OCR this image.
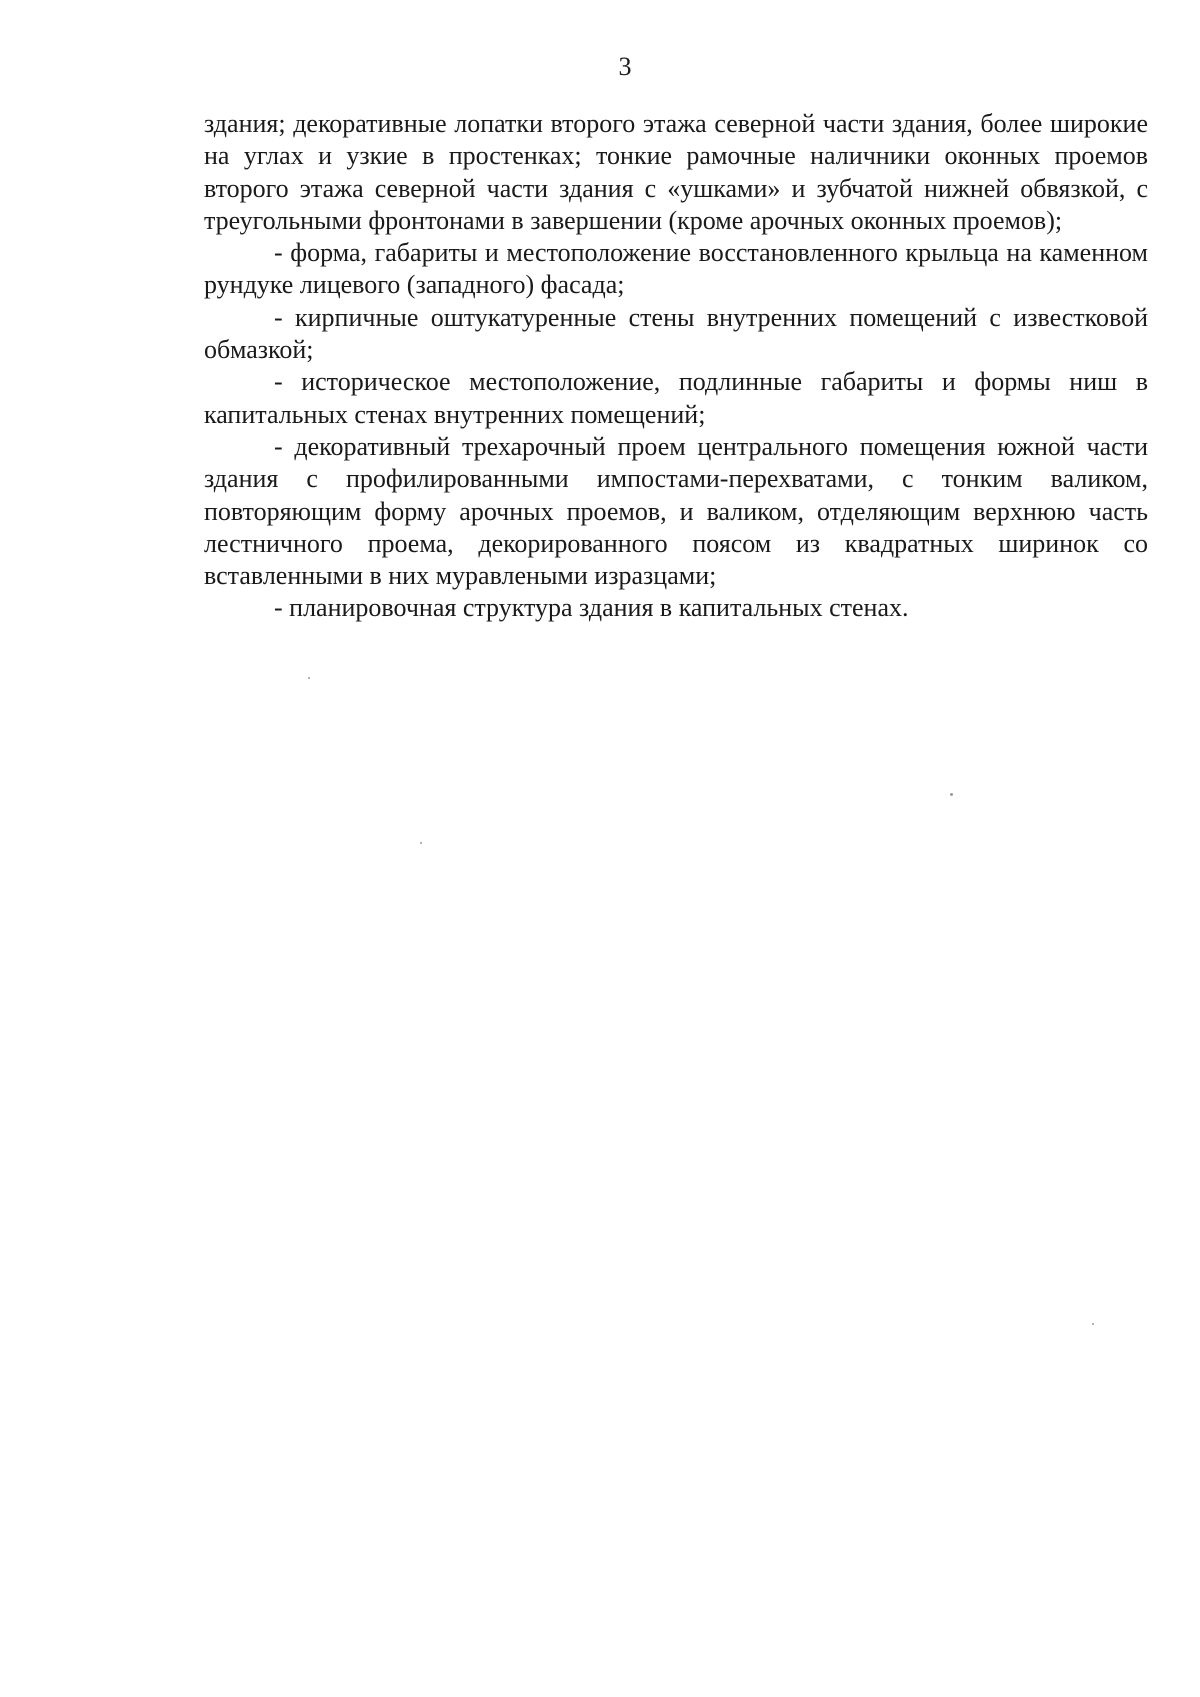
3

здания; декоративные лопатки второго этажа северной части здания, более широкие на углах и узкие в простенках; тонкие рамочные наличники оконных проемов второго этажа северной части здания с «ушками» и зубчатой нижней обвязкой, с треугольными фронтонами в завершении (кроме арочных оконных проемов);

- форма, габариты и местоположение восстановленного крыльца на каменном рундуке лицевого (западного) фасада;

- кирпичные оштукатуренные стены внутренних помещений с известковой обмазкой;

- историческое местоположение, подлинные габариты и формы ниш в капитальных стенах внутренних помещений;

- декоративный трехарочный проем центрального помещения южной части здания с профилированными импостами-перехватами, с тонким валиком, повторяющим форму арочных проемов, и валиком, отделяющим верхнюю часть лестничного проема, декорированного поясом из квадратных ширинок со вставленными в них муравлеными изразцами;

- планировочная структура здания в капитальных стенах.
